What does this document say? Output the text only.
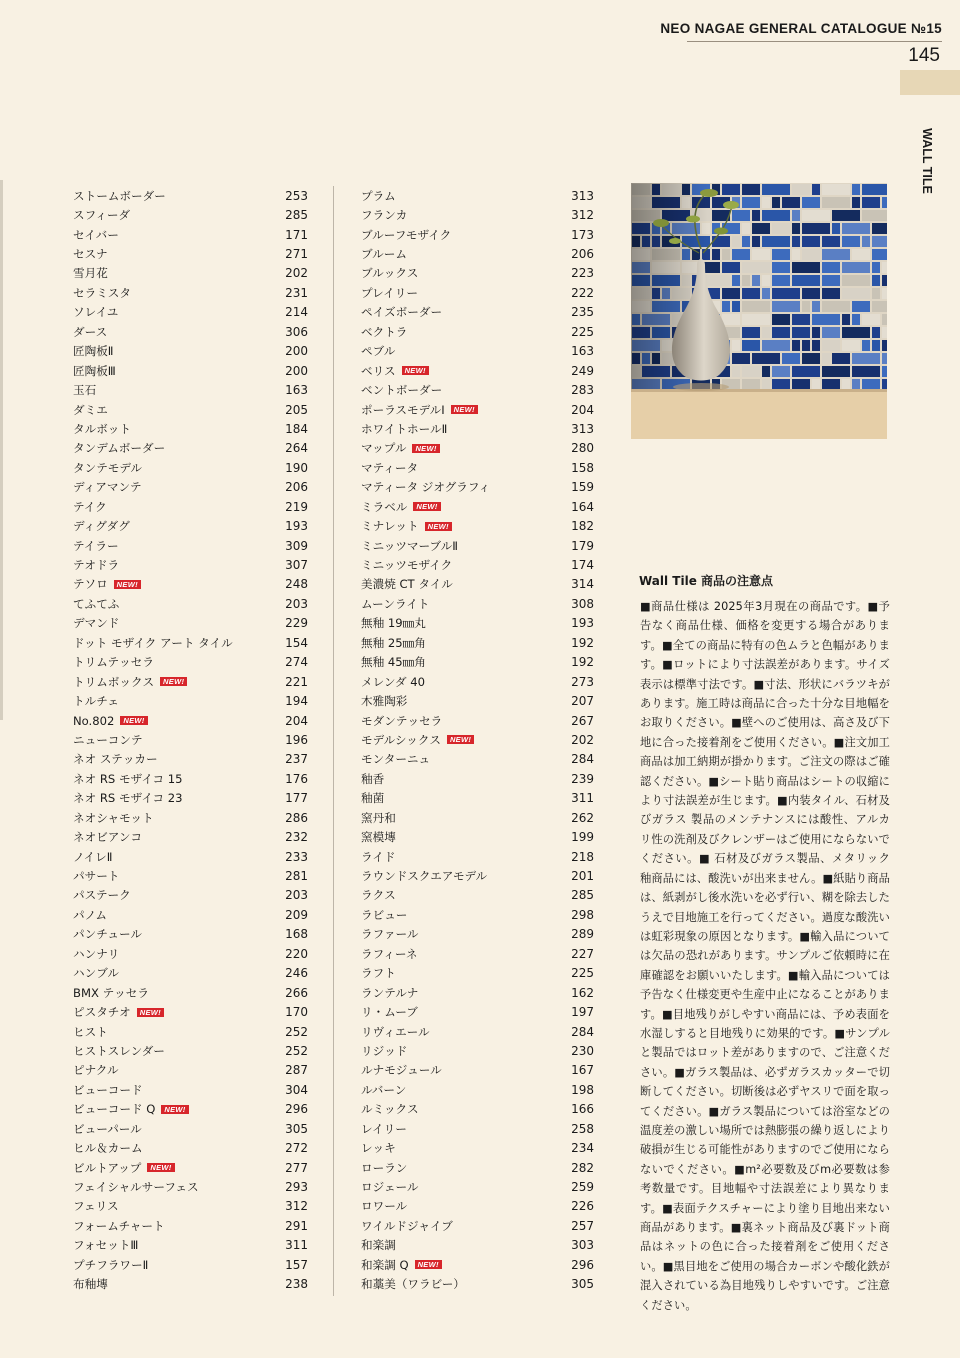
NEO NAGAE GENERAL CATALOGUE №15
145
WALL TILE
ストームボーダー	253
スフィーダ	285
セイバー	171
セスナ	271
雪月花	202
セラミスタ	231
ソレイユ	214
ダース	306
匠陶板Ⅱ	200
匠陶板Ⅲ	200
玉石	163
ダミエ	205
タルボット	184
タンデムボーダー	264
タンテモデル	190
ディアマンテ	206
テイク	219
ディグダグ	193
テイラー	309
テオドラ	307
テソロ	NEW!	248
てふてふ	203
デマンド	229
ドット モザイク アート タイル	154
トリムテッセラ	274
トリムボックス	NEW!	221
トルチェ	194
No.802	NEW!	204
ニューコンテ	196
ネオ ステッカー	237
ネオ RS モザイコ 15	176
ネオ RS モザイコ 23	177
ネオシャモット	286
ネオビアンコ	232
ノイレⅡ	233
パサート	281
パステーク	203
パノム	209
パンチュール	168
ハンナリ	220
ハンブル	246
BMX テッセラ	266
ピスタチオ	NEW!	170
ヒスト	252
ヒストスレンダー	252
ピナクル	287
ビューコード	304
ビューコード Q	NEW!	296
ビューパール	305
ヒル＆カーム	272
ビルトアップ	NEW!	277
フェイシャルサーフェス	293
フェリス	312
フォームチャート	291
フォセットⅢ	311
プチフラワーⅡ	157
布釉塼	238
プラム	313
フランカ	312
ブルーフモザイク	173
ブルーム	206
ブルックス	223
プレイリー	222
ペイズボーダー	235
ベクトラ	225
ペブル	163
ベリス	NEW!	249
ベントボーダー	283
ポーラスモデルⅠ	NEW!	204
ホワイトホールⅡ	313
マップル	NEW!	280
マティータ	158
マティータ ジオグラフィ	159
ミラベル	NEW!	164
ミナレット	NEW!	182
ミニッツマーブルⅡ	179
ミニッツモザイク	174
美濃焼 CT タイル	314
ムーンライト	308
無釉 19㎜丸	193
無釉 25㎜角	192
無釉 45㎜角	192
メレンダ 40	273
木雅陶彩	207
モダンテッセラ	267
モデルシックス	NEW!	202
モンターニュ	284
釉香	239
釉菌	311
窯丹和	262
窯模塼	199
ライド	218
ラウンドスクエアモデル	201
ラクス	285
ラビュー	298
ラファール	289
ラフィーネ	227
ラフト	225
ランテルナ	162
リ・ムーブ	197
リヴィエール	284
リジッド	230
ルナモジュール	167
ルバーン	198
ルミックス	166
レイリー	258
レッキ	234
ローラン	282
ロジェール	259
ロワール	226
ワイルドジャイブ	257
和楽調	303
和楽調 Q	NEW!	296
和藁美（ワラビー）	305
Wall Tile 商品の注意点
■商品仕様は 2025年3月現在の商品です。■予告なく商品仕様、価格を変更する場合があります。■全ての商品に特有の色ムラと色幅があります。■ロットにより寸法誤差があります。サイズ表示は標準寸法です。■寸法、形状にバラツキがあります。施工時は商品に合った十分な目地幅をお取りください。■壁へのご使用は、高さ及び下地に合った接着剤をご使用ください。■注文加工商品は加工納期が掛かります。ご注文の際はご確認ください。■シート貼り商品はシートの収縮により寸法誤差が生じます。■内装タイル、石材及びガラス 製品のメンテナンスには酸性、アルカリ性の洗剤及びクレンザーはご使用にならないでください。■ 石材及びガラス製品、メタリック釉商品には、酸洗いが出来ません。■紙貼り商品は、紙剥がし後水洗いを必ず行い、糊を除去したうえで目地施工を行ってください。過度な酸洗いは虹彩現象の原因となります。■輸入品については欠品の恐れがあります。サンプルご依頼時に在庫確認をお願いいたします。■輸入品については予告なく仕様変更や生産中止になることがあります。■目地残りがしやすい商品には、予め表面を水湿しすると目地残りに効果的です。■サンプルと製品ではロット差がありますので、ご注意ください。■ガラス製品は、必ずガラスカッターで切断してください。切断後は必ずヤスリで面を取ってください。■ガラス製品については浴室などの温度差の激しい場所では熱膨張の繰り返しにより破損が生じる可能性がありますのでご使用にならないでください。■m²必要数及びm必要数は参考数量です。目地幅や寸法誤差により異なります。■表面テクスチャーにより塗り目地出来ない商品があります。■裏ネット商品及び裏ドット商品はネットの色に合った接着剤をご使用ください。■黒目地をご使用の場合カーボンや酸化鉄が混入されている為目地残りしやすいです。ご注意ください。
